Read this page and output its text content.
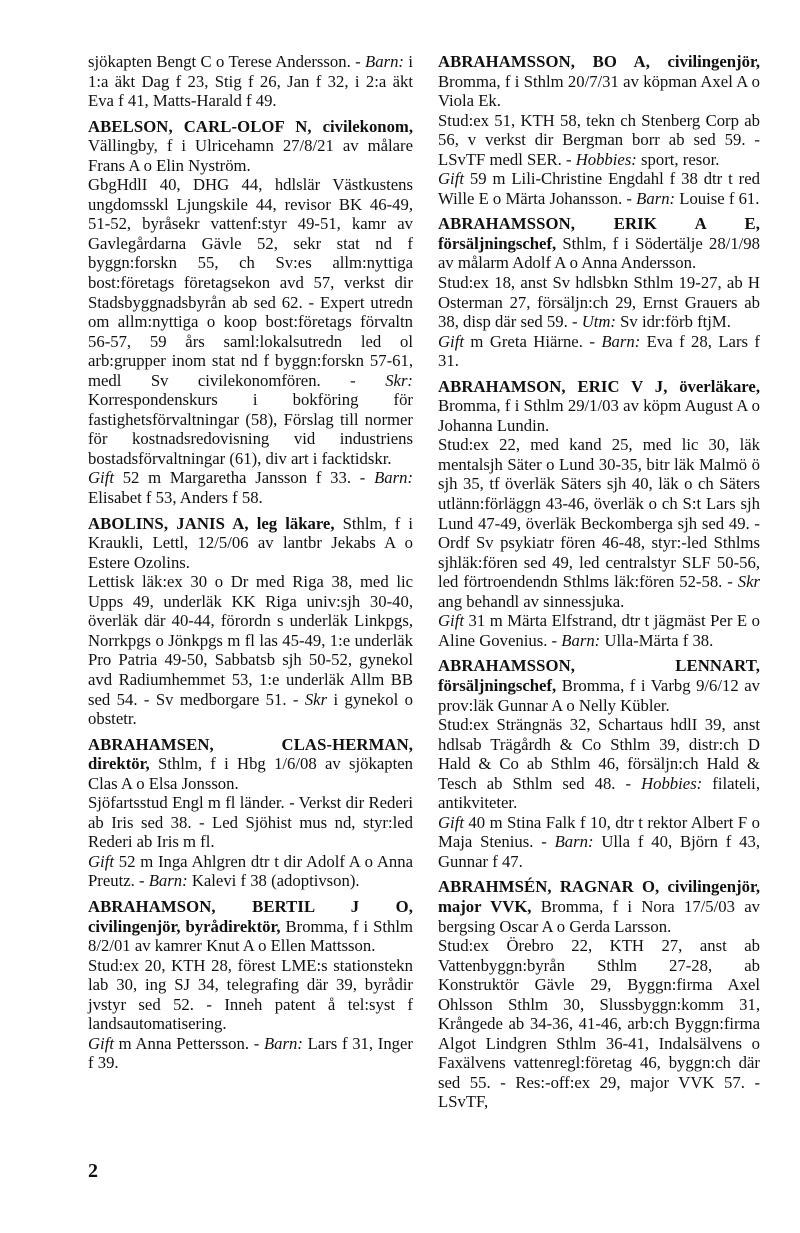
sjökapten Bengt C o Terese Andersson. - Barn: i 1:a äkt Dag f 23, Stig f 26, Jan f 32, i 2:a äkt Eva f 41, Matts-Harald f 49.

ABELSON, CARL-OLOF N, civilekonom, Vällingby, f i Ulricehamn 27/8/21 av målare Frans A o Elin Nyström.

GbgHdlI 40, DHG 44, hdlslär Västkustens ungdomsskl Ljungskile 44, revisor BK 46-49, 51-52, byråsekr vattenf:styr 49-51, kamr av Gavlegårdarna Gävle 52, sekr stat nd f byggn:forskn 55, ch Sv:es allm:nyttiga bost:företags företagsekon avd 57, verkst dir Stadsbyggnadsbyrån ab sed 62. - Expert utredn om allm:nyttiga o koop bost:företags förvaltn 56-57, 59 års saml:lokalsutredn led ol arb:grupper inom stat nd f byggn:forskn 57-61, medl Sv civilekonomfören. - Skr: Korrespondenskurs i bokföring för fastighetsförvaltningar (58), Förslag till normer för kostnadsredovisning vid industriens bostadsförvaltningar (61), div art i facktidskr.

Gift 52 m Margaretha Jansson f 33. - Barn: Elisabet f 53, Anders f 58.

ABOLINS, JANIS A, leg läkare, Sthlm, f i Kraukli, Lettl, 12/5/06 av lantbr Jekabs A o Estere Ozolins.

Lettisk läk:ex 30 o Dr med Riga 38, med lic Upps 49, underläk KK Riga univ:sjh 30-40, överläk där 40-44, förordn s underläk Linkpgs, Norrkpgs o Jönkpgs m fl las 45-49, 1:e underläk Pro Patria 49-50, Sabbatsb sjh 50-52, gynekol avd Radiumhemmet 53, 1:e underläk Allm BB sed 54. - Sv medborgare 51. - Skr i gynekol o obstetr.

ABRAHAMSEN, CLAS-HERMAN, direktör, Sthlm, f i Hbg 1/6/08 av sjökapten Clas A o Elsa Jonsson.

Sjöfartsstud Engl m fl länder. - Verkst dir Rederi ab Iris sed 38. - Led Sjöhist mus nd, styr:led Rederi ab Iris m fl.

Gift 52 m Inga Ahlgren dtr t dir Adolf A o Anna Preutz. - Barn: Kalevi f 38 (adoptivson).

ABRAHAMSON, BERTIL J O, civilingenjör, byrådirektör, Bromma, f i Sthlm 8/2/01 av kamrer Knut A o Ellen Mattsson.

Stud:ex 20, KTH 28, förest LME:s stationstekn lab 30, ing SJ 34, telegrafing där 39, byrådir jvstyr sed 52. - Inneh patent å tel:syst f landsautomatisering.

Gift m Anna Pettersson. - Barn: Lars f 31, Inger f 39.

ABRAHAMSSON, BO A, civilingenjör, Bromma, f i Sthlm 20/7/31 av köpman Axel A o Viola Ek.

Stud:ex 51, KTH 58, tekn ch Stenberg Corp ab 56, v verkst dir Bergman borr ab sed 59. - LSvTF medl SER. - Hobbies: sport, resor.

Gift 59 m Lili-Christine Engdahl f 38 dtr t red Wille E o Märta Johansson. - Barn: Louise f 61.

ABRAHAMSSON, ERIK A E, försäljningschef, Sthlm, f i Södertälje 28/1/98 av målarm Adolf A o Anna Andersson.

Stud:ex 18, anst Sv hdlsbkn Sthlm 19-27, ab H Osterman 27, försäljn:ch 29, Ernst Grauers ab 38, disp där sed 59. - Utm: Sv idr:förb ftjM.

Gift m Greta Hiärne. - Barn: Eva f 28, Lars f 31.

ABRAHAMSON, ERIC V J, överläkare, Bromma, f i Sthlm 29/1/03 av köpm August A o Johanna Lundin.

Stud:ex 22, med kand 25, med lic 30, läk mentalsjh Säter o Lund 30-35, bitr läk Malmö ö sjh 35, tf överläk Säters sjh 40, läk o ch Säters utlänn:förläggn 43-46, överläk o ch S:t Lars sjh Lund 47-49, överläk Beckomberga sjh sed 49. - Ordf Sv psykiatr fören 46-48, styr:-led Sthlms sjhläk:fören sed 49, led centralstyr SLF 50-56, led förtroendendn Sthlms läk:fören 52-58. - Skr ang behandl av sinnessjuka.

Gift 31 m Märta Elfstrand, dtr t jägmäst Per E o Aline Govenius. - Barn: Ulla-Märta f 38.

ABRAHAMSSON, LENNART, försäljningschef, Bromma, f i Varbg 9/6/12 av prov:läk Gunnar A o Nelly Kübler.

Stud:ex Strängnäs 32, Schartaus hdlI 39, anst hdlsab Trägårdh & Co Sthlm 39, distr:ch D Hald & Co ab Sthlm 46, försäljn:ch Hald & Tesch ab Sthlm sed 48. - Hobbies: filateli, antikviteter.

Gift 40 m Stina Falk f 10, dtr t rektor Albert F o Maja Stenius. - Barn: Ulla f 40, Björn f 43, Gunnar f 47.

ABRAHMSÉN, RAGNAR O, civilingenjör, major VVK, Bromma, f i Nora 17/5/03 av bergsing Oscar A o Gerda Larsson.

Stud:ex Örebro 22, KTH 27, anst ab Vattenbyggn:byrån Sthlm 27-28, ab Konstruktör Gävle 29, Byggn:firma Axel Ohlsson Sthlm 30, Slussbyggn:komm 31, Krångede ab 34-36, 41-46, arb:ch Byggn:firma Algot Lindgren Sthlm 36-41, Indalsälvens o Faxälvens vattenregl:företag 46, byggn:ch där sed 55. - Res:-off:ex 29, major VVK 57. - LSvTF,

2
